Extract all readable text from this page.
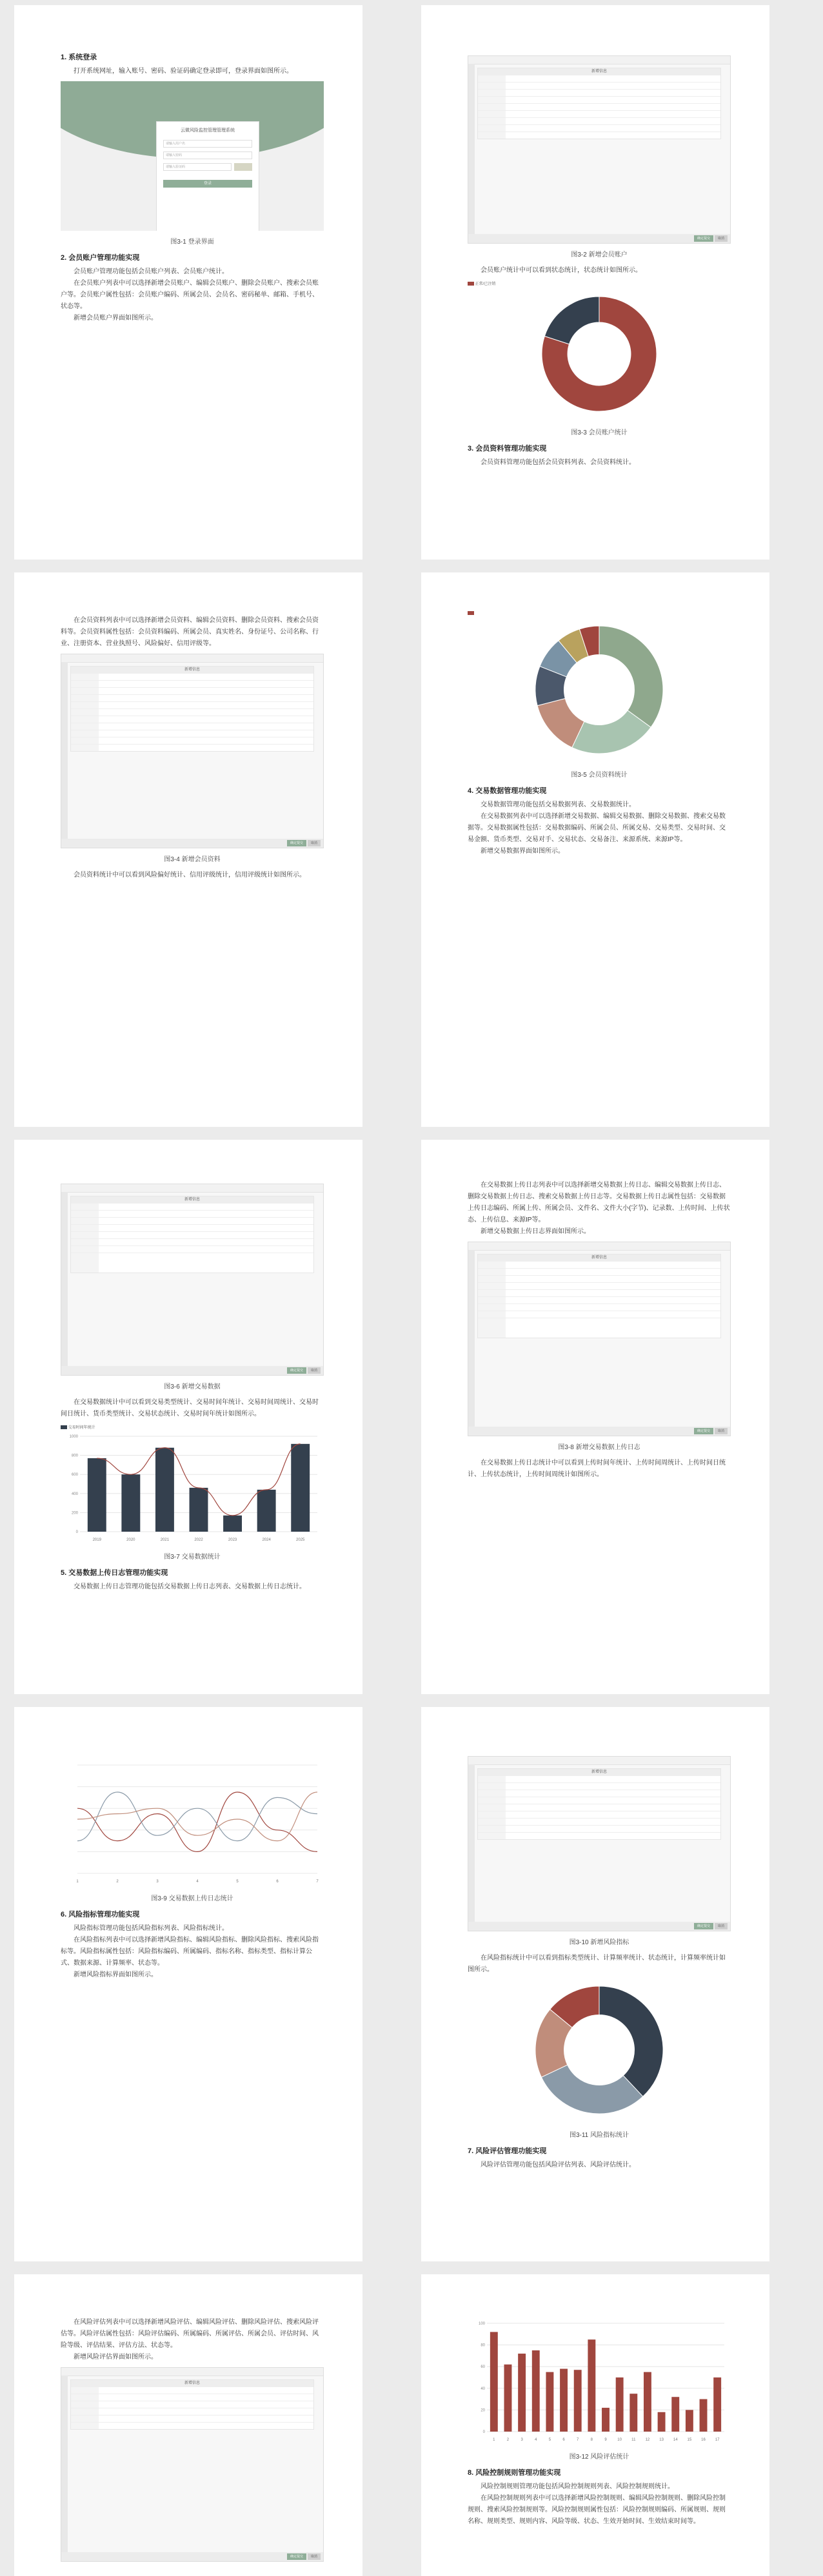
1. 系统登录

打开系统网址，输入账号、密码、验证码确定登录即可，登录界面如图所示。

云微风险监控管理管理系统
请输入用户名
请输入密码
请输入验证码
登录
图3-1 登录界面
2. 会员账户管理功能实现

会员账户管理功能包括会员账户列表、会员账户统计。

在会员账户列表中可以选择新增会员账户、编辑会员账户、删除会员账户、搜索会员账户等。会员账户属性包括：会员账户编码、所属会员、会员名、密码秘单、邮箱、手机号、状态等。

新增会员账户界面如图所示。

新增信息
确定提交	取消
图3-2 新增会员账户

会员账户统计中可以看到状态统计，状态统计如图所示。

正常/已注销
图3-3 会员账户统计
3. 会员资料管理功能实现

会员资料管理功能包括会员资料列表、会员资料统计。

在会员资料列表中可以选择新增会员资料、编辑会员资料、删除会员资料、搜索会员资料等。会员资料属性包括：会员资料编码、所属会员、真实姓名、身份证号、公司名称、行业、注册资本、营业执照号、风险偏好、信用评级等。

新增信息
确定提交	取消
图3-4 新增会员资料

会员资料统计中可以看到风险偏好统计、信用评级统计，信用评级统计如图所示。

图3-5 会员资料统计
4. 交易数据管理功能实现

交易数据管理功能包括交易数据列表、交易数据统计。

在交易数据列表中可以选择新增交易数据、编辑交易数据、删除交易数据、搜索交易数据等。交易数据属性包括：交易数据编码、所属会员、所属交易、交易类型、交易时间、交易金额、货币类型、交易对手、交易状态、交易备注、来源系统、来源IP等。

新增交易数据界面如图所示。

新增信息
确定提交	取消
图3-6 新增交易数据

在交易数据统计中可以看到交易类型统计、交易时间年统计、交易时间周统计、交易时间日统计、货币类型统计、交易状态统计、交易时间年统计如图所示。

交易时间年统计
0
200
400
600
800
1000
2019	2020	2021	2022	2023	2024	2025
图3-7 交易数据统计
5. 交易数据上传日志管理功能实现

交易数据上传日志管理功能包括交易数据上传日志列表、交易数据上传日志统计。

在交易数据上传日志列表中可以选择新增交易数据上传日志、编辑交易数据上传日志、删除交易数据上传日志、搜索交易数据上传日志等。交易数据上传日志属性包括：交易数据上传日志编码、所属上传、所属会员、文件名、文件大小(字节)、记录数、上传时间、上传状态、上传信息、来源IP等。

新增交易数据上传日志界面如图所示。

新增信息
确定提交	取消
图3-8 新增交易数据上传日志

在交易数据上传日志统计中可以看到上传时间年统计、上传时间周统计、上传时间日统计、上传状态统计，上传时间周统计如图所示。

1	2	3	4	5	6	7
图3-9 交易数据上传日志统计
6. 风险指标管理功能实现

风险指标管理功能包括风险指标列表、风险指标统计。

在风险指标列表中可以选择新增风险指标、编辑风险指标、删除风险指标、搜索风险指标等。风险指标属性包括：风险指标编码、所属编码、指标名称、指标类型、指标计算公式、数据来源、计算频率、状态等。

新增风险指标界面如图所示。

新增信息
确定提交	取消
图3-10 新增风险指标

在风险指标统计中可以看到指标类型统计、计算频率统计、状态统计，计算频率统计如图所示。

图3-11 风险指标统计
7. 风险评估管理功能实现

风险评估管理功能包括风险评估列表、风险评估统计。

在风险评估列表中可以选择新增风险评估、编辑风险评估、删除风险评估、搜索风险评估等。风险评估属性包括：风险评估编码、所属编码、所属评估、所属会员、评估时间、风险等级、评估结果、评估方法、状态等。

新增风险评估界面如图所示。

新增信息
确定提交	取消
0
20
40
60
80
100
1	2	3	4	5	6	7	8	9	10	11	12 13 14 15 16 17
图3-12 风险评估统计
8. 风险控制规则管理功能实现

风险控制规则管理功能包括风险控制规则列表、风险控制规则统计。

在风险控制规则列表中可以选择新增风险控制规则、编辑风险控制规则、删除风险控制规则、搜索风险控制规则等。风险控制规则属性包括：风险控制规则编码、所属规则、规则名称、规则类型、规则内容、风险等级、状态、生效开始时间、生效结束时间等。
